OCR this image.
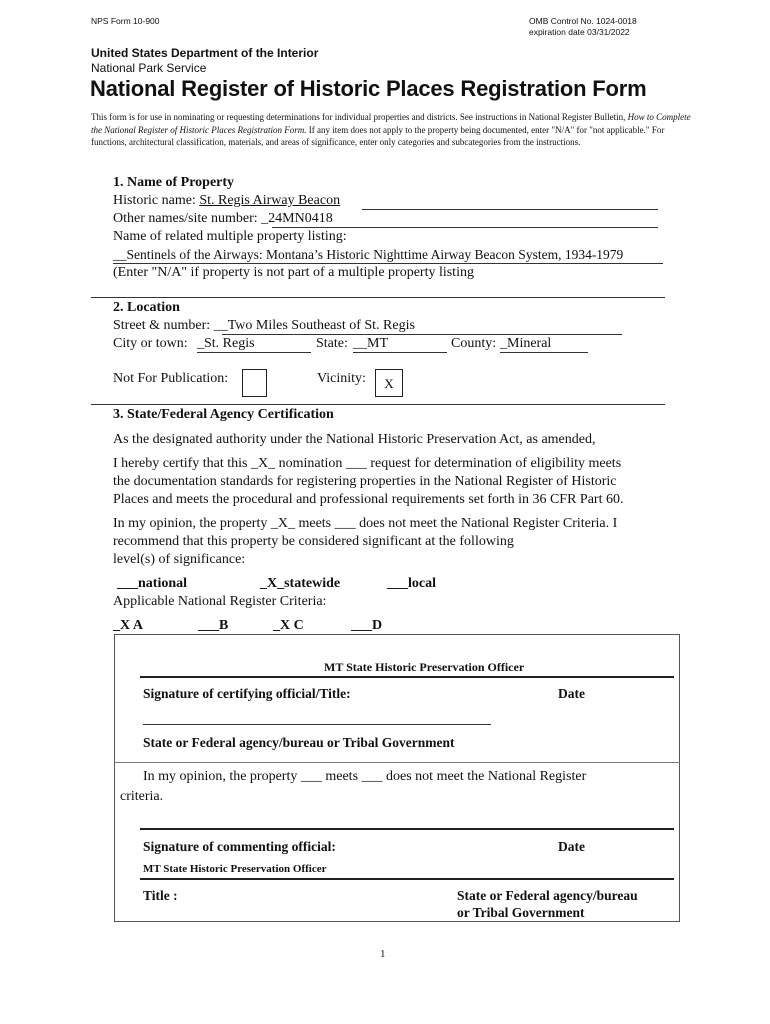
NPS Form 10-900	OMB Control No. 1024-0018
expiration date 03/31/2022
United States Department of the Interior
National Park Service
National Register of Historic Places Registration Form
This form is for use in nominating or requesting determinations for individual properties and districts. See instructions in National Register Bulletin, How to Complete the National Register of Historic Places Registration Form. If any item does not apply to the property being documented, enter "N/A" for "not applicable." For functions, architectural classification, materials, and areas of significance, enter only categories and subcategories from the instructions.
1. Name of Property
Historic name: St. Regis Airway Beacon
Other names/site number: _24MN0418
Name of related multiple property listing:
__Sentinels of the Airways: Montana’s Historic Nighttime Airway Beacon System, 1934-1979
(Enter "N/A" if property is not part of a multiple property listing
2. Location
Street & number: __Two Miles Southeast of St. Regis
City or town: _St. Regis	State: __MT	County: _Mineral
Not For Publication:	Vicinity:	X
3. State/Federal Agency Certification
As the designated authority under the National Historic Preservation Act, as amended,
I hereby certify that this _X_ nomination ___ request for determination of eligibility meets
the documentation standards for registering properties in the National Register of Historic
Places and meets the procedural and professional requirements set forth in 36 CFR Part 60.
In my opinion, the property _X_ meets ___ does not meet the National Register Criteria. I
recommend that this property be considered significant at the following
level(s) of significance:
___national	_X_statewide	___local
Applicable National Register Criteria:
_X A	___B	_X C	___D
MT State Historic Preservation Officer
Signature of certifying official/Title:	Date
State or Federal agency/bureau or Tribal Government
In my opinion, the property ___ meets ___ does not meet the National Register
criteria.
Signature of commenting official:	Date
MT State Historic Preservation Officer
Title :	State or Federal agency/bureau
or Tribal Government
1
